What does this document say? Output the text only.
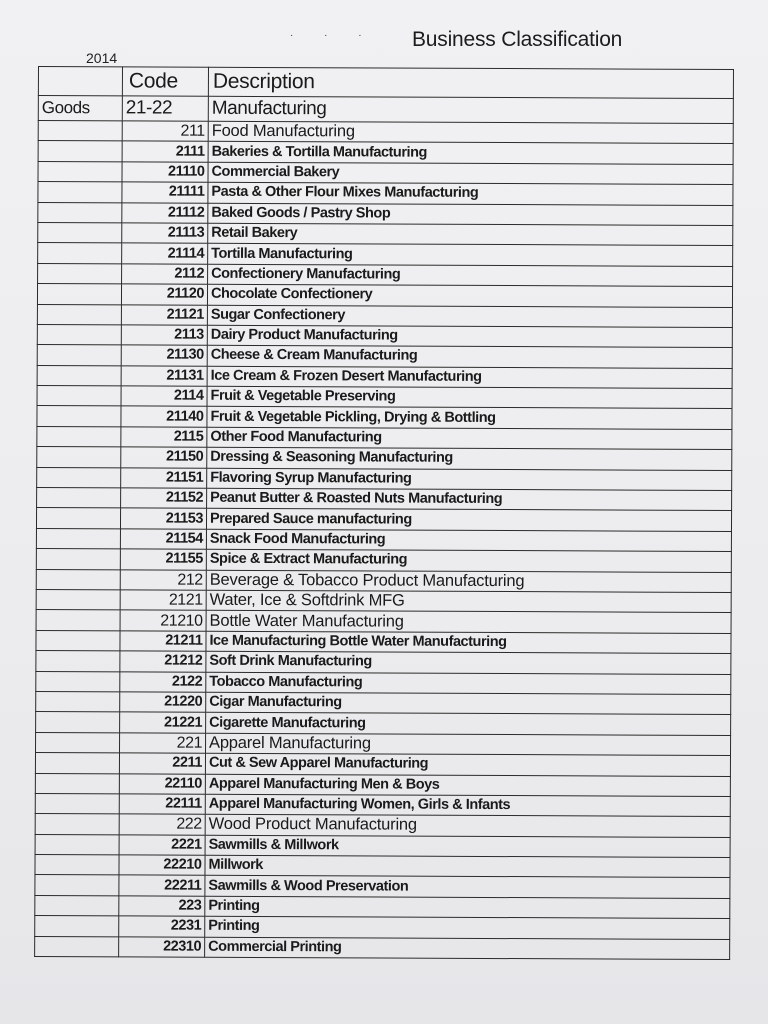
· · · Business Classification
2014
	Code	Description
Goods	21-22	Manufacturing
	211	Food Manufacturing
	2111	Bakeries & Tortilla Manufacturing
	21110	Commercial Bakery
	21111	Pasta & Other Flour Mixes Manufacturing
	21112	Baked Goods / Pastry Shop
	21113	Retail Bakery
	21114	Tortilla Manufacturing
	2112	Confectionery Manufacturing
	21120	Chocolate Confectionery
	21121	Sugar Confectionery
	2113	Dairy Product Manufacturing
	21130	Cheese & Cream Manufacturing
	21131	Ice Cream & Frozen Desert Manufacturing
	2114	Fruit & Vegetable Preserving
	21140	Fruit & Vegetable Pickling, Drying & Bottling
	2115	Other Food Manufacturing
	21150	Dressing & Seasoning Manufacturing
	21151	Flavoring Syrup Manufacturing
	21152	Peanut Butter & Roasted Nuts Manufacturing
	21153	Prepared Sauce manufacturing
	21154	Snack Food Manufacturing
	21155	Spice & Extract Manufacturing
	212	Beverage & Tobacco Product Manufacturing
	2121	Water, Ice & Softdrink MFG
	21210	Bottle Water Manufacturing
	21211	Ice Manufacturing Bottle Water Manufacturing
	21212	Soft Drink Manufacturing
	2122	Tobacco Manufacturing
	21220	Cigar Manufacturing
	21221	Cigarette Manufacturing
	221	Apparel Manufacturing
	2211	Cut & Sew Apparel Manufacturing
	22110	Apparel Manufacturing Men & Boys
	22111	Apparel Manufacturing Women, Girls & Infants
	222	Wood Product Manufacturing
	2221	Sawmills & Millwork
	22210	Millwork
	22211	Sawmills & Wood Preservation
	223	Printing
	2231	Printing
	22310	Commercial Printing
